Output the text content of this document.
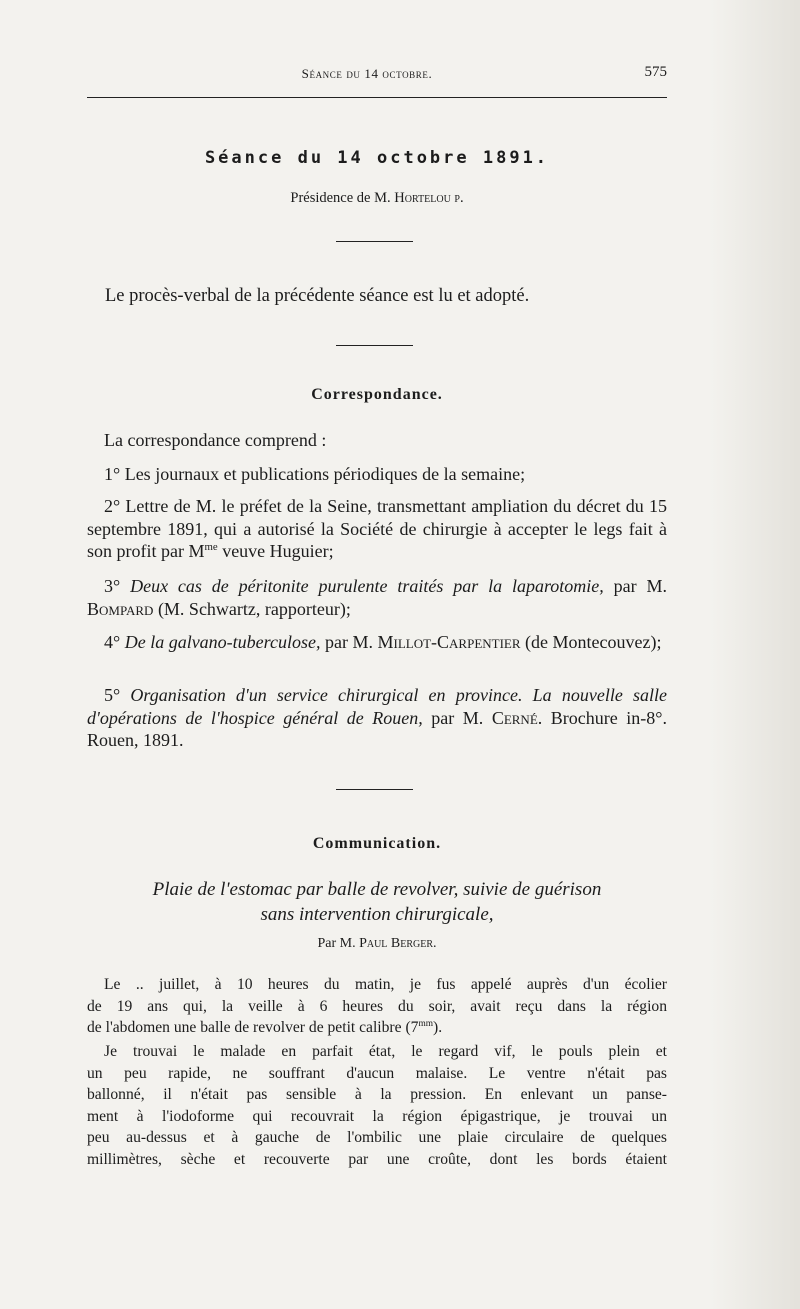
Séance du 14 octobre.	575
Séance du 14 octobre 1891.
Présidence de M. Hortelou p.
Le procès-verbal de la précédente séance est lu et adopté.
Correspondance.
La correspondance comprend :
1° Les journaux et publications périodiques de la semaine;
2° Lettre de M. le préfet de la Seine, transmettant ampliation du décret du 15 septembre 1891, qui a autorisé la Société de chirurgie à accepter le legs fait à son profit par $M^{me}$ veuve Huguier;
3° Deux cas de péritonite purulente traités par la laparotomie, par M. Bompard (M. Schwartz, rapporteur);
4° De la galvano-tuberculose, par M. Millot-Carpentier (de Montecouvez);
5° Organisation d'un service chirurgical en province. La nouvelle salle d'opérations de l'hospice général de Rouen, par M. Cerné. Brochure in-8°. Rouen, 1891.
Communication.
Plaie de l'estomac par balle de revolver, suivie de guérison
sans intervention chirurgicale,
Par M. Paul Berger.
Le .. juillet, à 10 heures du matin, je fus appelé auprès d'un écolier
de 19 ans qui, la veille à 6 heures du soir, avait reçu dans la région
de l'abdomen une balle de revolver de petit calibre $(7^{mm})$.
Je trouvai le malade en parfait état, le regard vif, le pouls plein et
un peu rapide, ne souffrant d'aucun malaise. Le ventre n'était pas
ballonné, il n'était pas sensible à la pression. En enlevant un panse-
ment à l'iodoforme qui recouvrait la région épigastrique, je trouvai un
peu au-dessus et à gauche de l'ombilic une plaie circulaire de quelques
millimètres, sèche et recouverte par une croûte, dont les bords étaient
